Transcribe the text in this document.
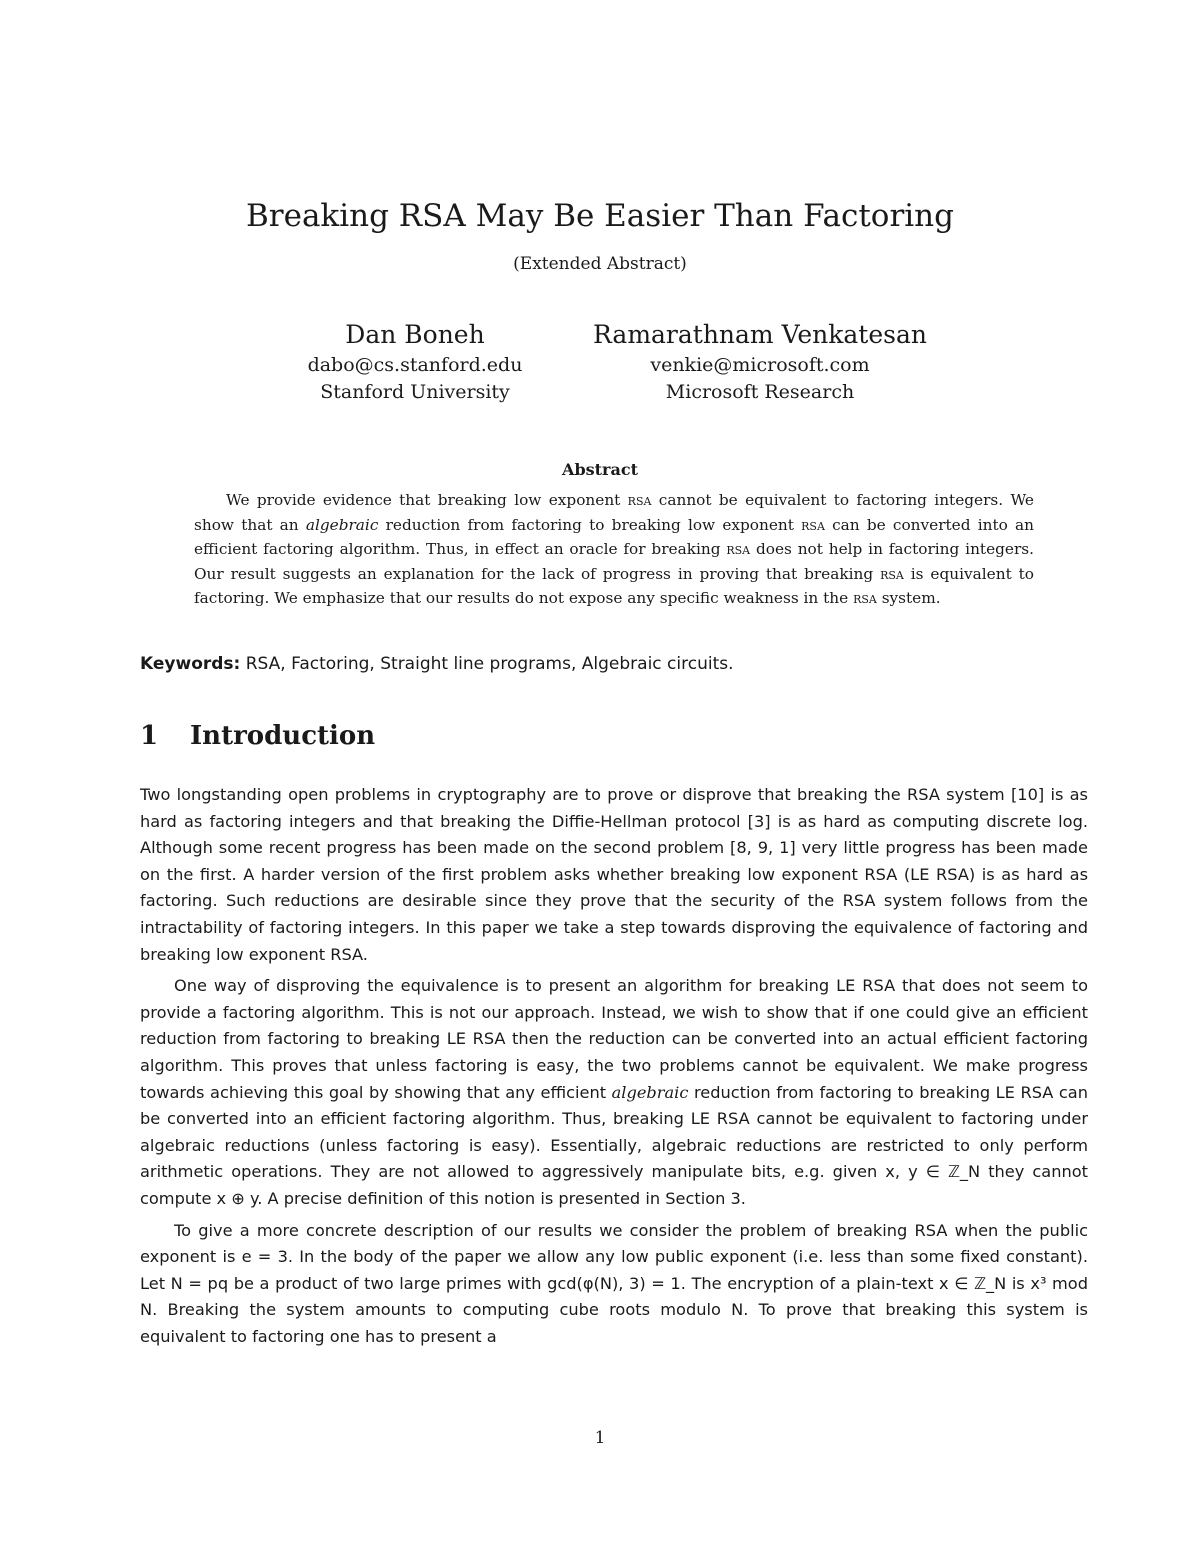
Breaking RSA May Be Easier Than Factoring
(Extended Abstract)
Dan Boneh
dabo@cs.stanford.edu
Stanford University
Ramarathnam Venkatesan
venkie@microsoft.com
Microsoft Research
Abstract

We provide evidence that breaking low exponent rsa cannot be equivalent to factoring integers. We show that an algebraic reduction from factoring to breaking low exponent rsa can be converted into an efficient factoring algorithm. Thus, in effect an oracle for breaking rsa does not help in factoring integers. Our result suggests an explanation for the lack of progress in proving that breaking rsa is equivalent to factoring. We emphasize that our results do not expose any specific weakness in the rsa system.

Keywords: RSA, Factoring, Straight line programs, Algebraic circuits.
1 Introduction

Two longstanding open problems in cryptography are to prove or disprove that breaking the RSA system [10] is as hard as factoring integers and that breaking the Diffie-Hellman protocol [3] is as hard as computing discrete log. Although some recent progress has been made on the second problem [8, 9, 1] very little progress has been made on the first. A harder version of the first problem asks whether breaking low exponent RSA (LE RSA) is as hard as factoring. Such reductions are desirable since they prove that the security of the RSA system follows from the intractability of factoring integers. In this paper we take a step towards disproving the equivalence of factoring and breaking low exponent RSA.

One way of disproving the equivalence is to present an algorithm for breaking LE RSA that does not seem to provide a factoring algorithm. This is not our approach. Instead, we wish to show that if one could give an efficient reduction from factoring to breaking LE RSA then the reduction can be converted into an actual efficient factoring algorithm. This proves that unless factoring is easy, the two problems cannot be equivalent. We make progress towards achieving this goal by showing that any efficient algebraic reduction from factoring to breaking LE RSA can be converted into an efficient factoring algorithm. Thus, breaking LE RSA cannot be equivalent to factoring under algebraic reductions (unless factoring is easy). Essentially, algebraic reductions are restricted to only perform arithmetic operations. They are not allowed to aggressively manipulate bits, e.g. given x, y ∈ ℤ_N they cannot compute x ⊕ y. A precise definition of this notion is presented in Section 3.

To give a more concrete description of our results we consider the problem of breaking RSA when the public exponent is e = 3. In the body of the paper we allow any low public exponent (i.e. less than some fixed constant). Let N = pq be a product of two large primes with gcd(φ(N), 3) = 1. The encryption of a plain-text x ∈ ℤ_N is x³ mod N. Breaking the system amounts to computing cube roots modulo N. To prove that breaking this system is equivalent to factoring one has to present a

1
